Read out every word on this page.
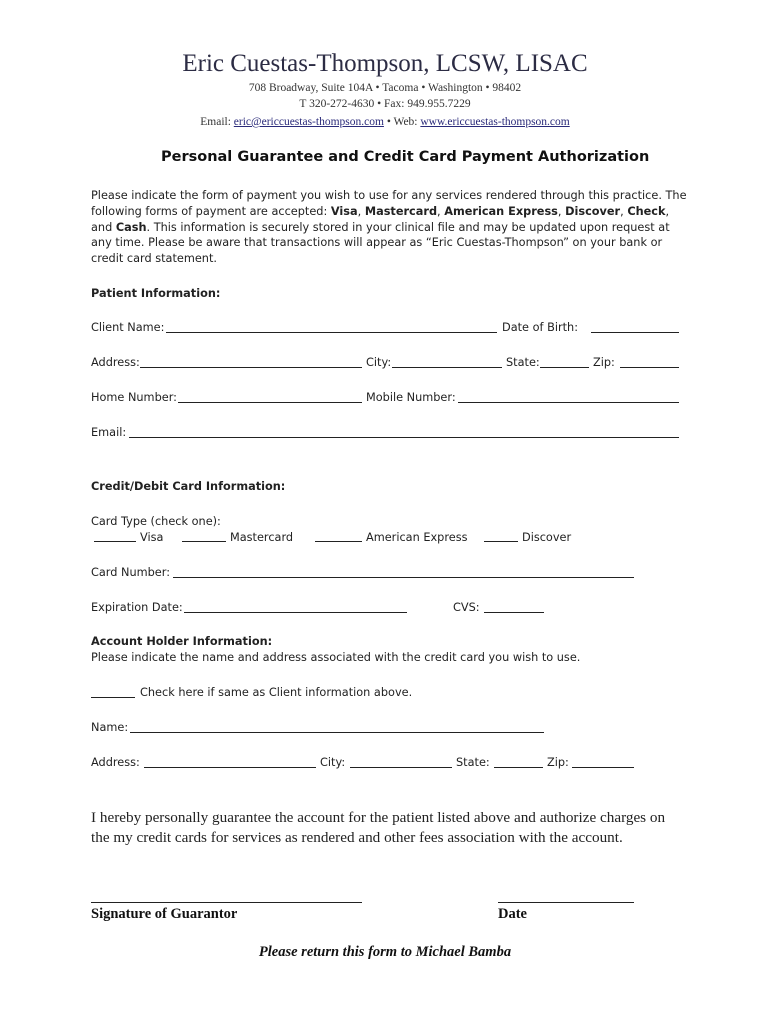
Eric Cuestas-Thompson, LCSW, LISAC
708 Broadway, Suite 104A • Tacoma • Washington • 98402
T 320-272-4630 • Fax: 949.955.7229
Email: eric@ericcuestas-thompson.com • Web: www.ericcuestas-thompson.com
Personal Guarantee and Credit Card Payment Authorization
Please indicate the form of payment you wish to use for any services rendered through this practice. The
following forms of payment are accepted: Visa, Mastercard, American Express, Discover, Check,
and Cash. This information is securely stored in your clinical file and may be updated upon request at
any time. Please be aware that transactions will appear as “Eric Cuestas-Thompson” on your bank or
credit card statement.
Patient Information:
Client Name:	Date of Birth:
Address:	City:	State:	Zip:
Home Number:	Mobile Number:
Email:
Credit/Debit Card Information:
Card Type (check one):
Visa	Mastercard	American Express	Discover
Card Number:
Expiration Date:	CVS:
Account Holder Information:
Please indicate the name and address associated with the credit card you wish to use.
Check here if same as Client information above.
Name:
Address:	City:	State:	Zip:
I hereby personally guarantee the account for the patient listed above and authorize charges on
the my credit cards for services as rendered and other fees association with the account.
Signature of Guarantor	Date
Please return this form to Michael Bamba
